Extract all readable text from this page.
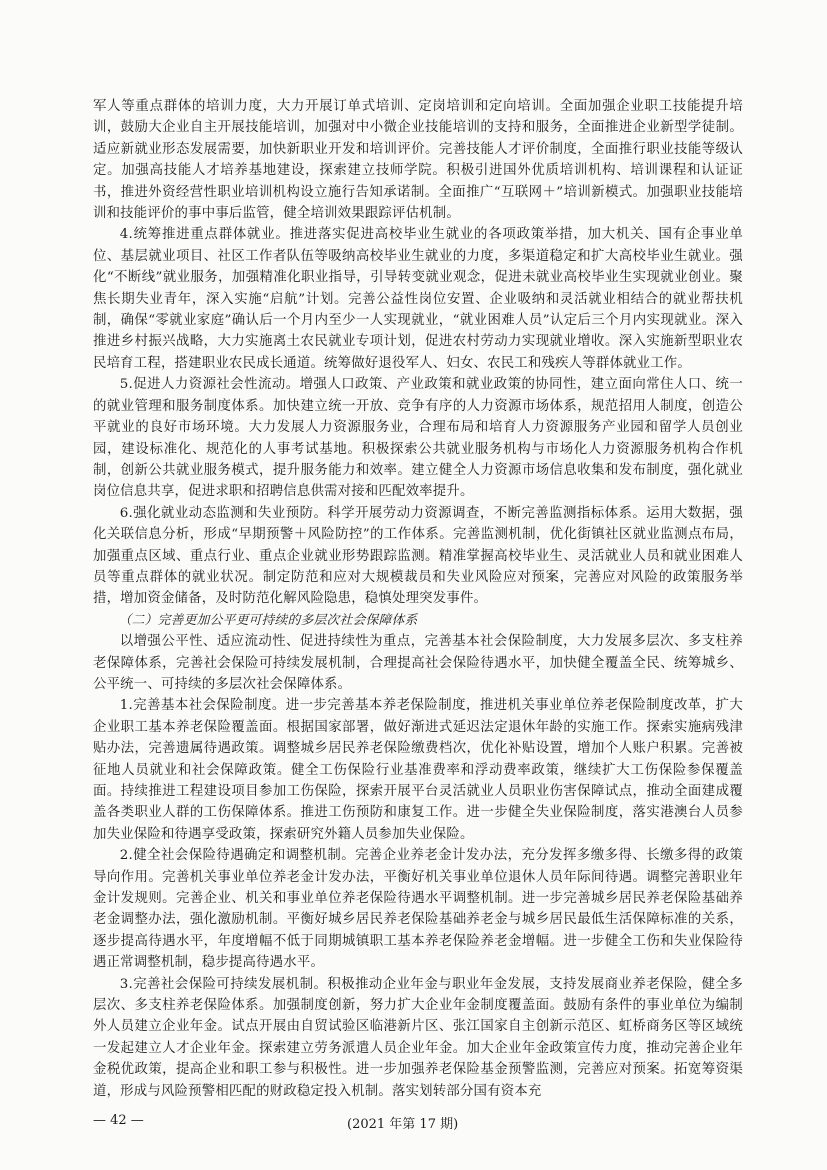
军人等重点群体的培训力度，大力开展订单式培训、定岗培训和定向培训。全面加强企业职工技能提升培训，鼓励大企业自主开展技能培训，加强对中小微企业技能培训的支持和服务，全面推进企业新型学徒制。适应新就业形态发展需要，加快新职业开发和培训评价。完善技能人才评价制度，全面推行职业技能等级认定。加强高技能人才培养基地建设，探索建立技师学院。积极引进国外优质培训机构、培训课程和认证证书，推进外资经营性职业培训机构设立施行告知承诺制。全面推广“互联网＋”培训新模式。加强职业技能培训和技能评价的事中事后监管，健全培训效果跟踪评估机制。

4.统筹推进重点群体就业。推进落实促进高校毕业生就业的各项政策举措，加大机关、国有企事业单位、基层就业项目、社区工作者队伍等吸纳高校毕业生就业的力度，多渠道稳定和扩大高校毕业生就业。强化“不断线”就业服务，加强精准化职业指导，引导转变就业观念，促进未就业高校毕业生实现就业创业。聚焦长期失业青年，深入实施“启航”计划。完善公益性岗位安置、企业吸纳和灵活就业相结合的就业帮扶机制，确保“零就业家庭”确认后一个月内至少一人实现就业，“就业困难人员”认定后三个月内实现就业。深入推进乡村振兴战略，大力实施离土农民就业专项计划，促进农村劳动力实现就业增收。深入实施新型职业农民培育工程，搭建职业农民成长通道。统筹做好退役军人、妇女、农民工和残疾人等群体就业工作。

5.促进人力资源社会性流动。增强人口政策、产业政策和就业政策的协同性，建立面向常住人口、统一的就业管理和服务制度体系。加快建立统一开放、竞争有序的人力资源市场体系，规范招用人制度，创造公平就业的良好市场环境。大力发展人力资源服务业，合理布局和培育人力资源服务产业园和留学人员创业园，建设标准化、规范化的人事考试基地。积极探索公共就业服务机构与市场化人力资源服务机构合作机制，创新公共就业服务模式，提升服务能力和效率。建立健全人力资源市场信息收集和发布制度，强化就业岗位信息共享，促进求职和招聘信息供需对接和匹配效率提升。

6.强化就业动态监测和失业预防。科学开展劳动力资源调查，不断完善监测指标体系。运用大数据，强化关联信息分析，形成“早期预警＋风险防控”的工作体系。完善监测机制，优化街镇社区就业监测点布局，加强重点区域、重点行业、重点企业就业形势跟踪监测。精准掌握高校毕业生、灵活就业人员和就业困难人员等重点群体的就业状况。制定防范和应对大规模裁员和失业风险应对预案，完善应对风险的政策服务举措，增加资金储备，及时防范化解风险隐患，稳慎处理突发事件。

（二）完善更加公平更可持续的多层次社会保障体系

以增强公平性、适应流动性、促进持续性为重点，完善基本社会保险制度，大力发展多层次、多支柱养老保障体系，完善社会保险可持续发展机制，合理提高社会保险待遇水平，加快健全覆盖全民、统筹城乡、公平统一、可持续的多层次社会保障体系。

1.完善基本社会保险制度。进一步完善基本养老保险制度，推进机关事业单位养老保险制度改革，扩大企业职工基本养老保险覆盖面。根据国家部署，做好渐进式延迟法定退休年龄的实施工作。探索实施病残津贴办法，完善遗属待遇政策。调整城乡居民养老保险缴费档次，优化补贴设置，增加个人账户积累。完善被征地人员就业和社会保障政策。健全工伤保险行业基准费率和浮动费率政策，继续扩大工伤保险参保覆盖面。持续推进工程建设项目参加工伤保险，探索开展平台灵活就业人员职业伤害保障试点，推动全面建成覆盖各类职业人群的工伤保障体系。推进工伤预防和康复工作。进一步健全失业保险制度，落实港澳台人员参加失业保险和待遇享受政策，探索研究外籍人员参加失业保险。

2.健全社会保险待遇确定和调整机制。完善企业养老金计发办法，充分发挥多缴多得、长缴多得的政策导向作用。完善机关事业单位养老金计发办法，平衡好机关事业单位退休人员年际间待遇。调整完善职业年金计发规则。完善企业、机关和事业单位养老保险待遇水平调整机制。进一步完善城乡居民养老保险基础养老金调整办法，强化激励机制。平衡好城乡居民养老保险基础养老金与城乡居民最低生活保障标准的关系，逐步提高待遇水平，年度增幅不低于同期城镇职工基本养老保险养老金增幅。进一步健全工伤和失业保险待遇正常调整机制，稳步提高待遇水平。

3.完善社会保险可持续发展机制。积极推动企业年金与职业年金发展，支持发展商业养老保险，健全多层次、多支柱养老保险体系。加强制度创新，努力扩大企业年金制度覆盖面。鼓励有条件的事业单位为编制外人员建立企业年金。试点开展由自贸试验区临港新片区、张江国家自主创新示范区、虹桥商务区等区域统一发起建立人才企业年金。探索建立劳务派遣人员企业年金。加大企业年金政策宣传力度，推动完善企业年金税优政策，提高企业和职工参与积极性。进一步加强养老保险基金预警监测，完善应对预案。拓宽筹资渠道，形成与风险预警相匹配的财政稳定投入机制。落实划转部分国有资本充

— 42 —	(2021 年第 17 期)
